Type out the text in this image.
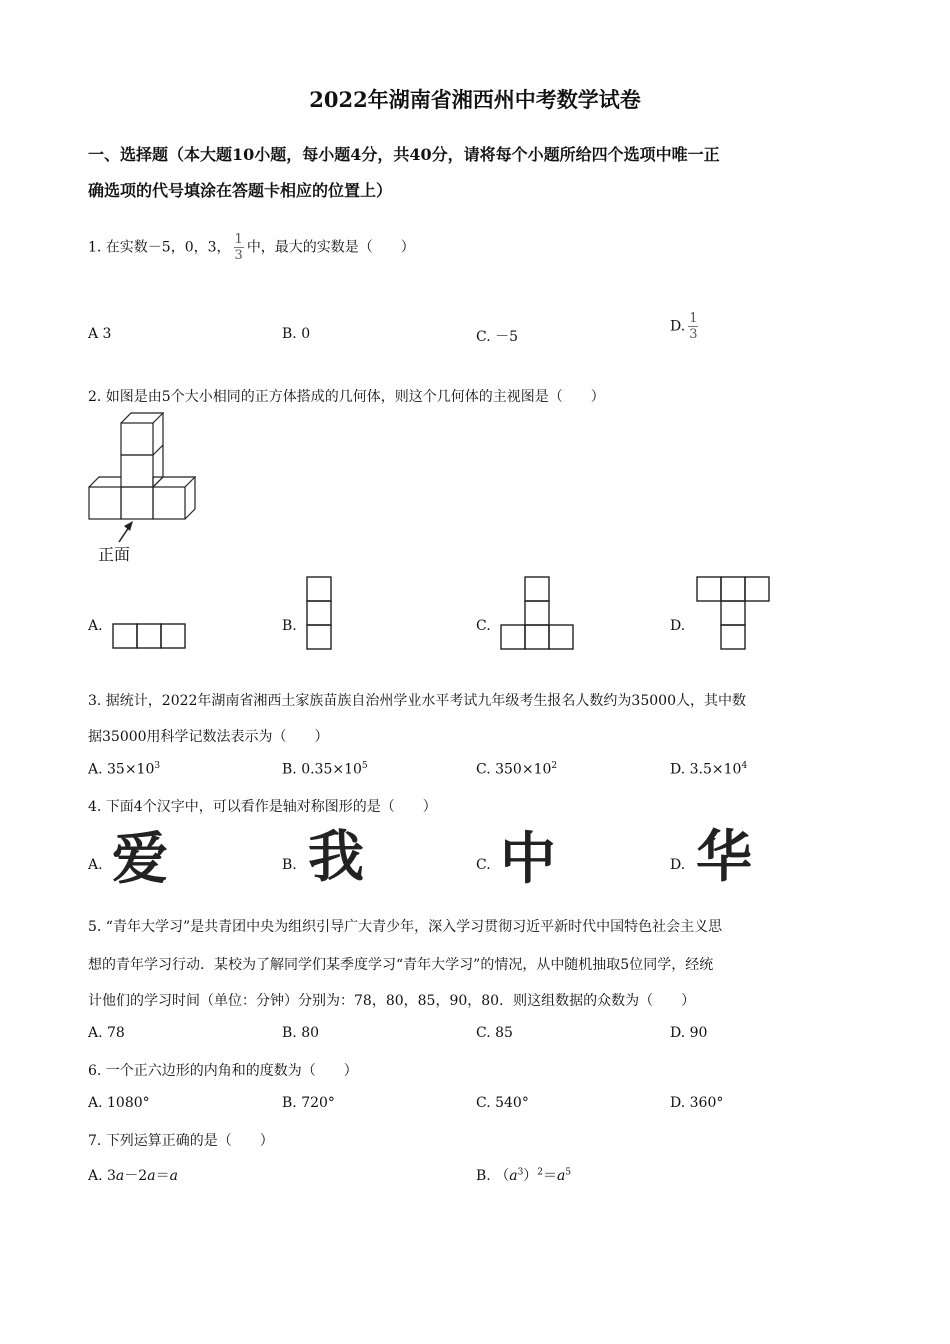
2022年湖南省湘西州中考数学试卷
一、选择题（本大题10小题，每小题4分，共40分，请将每个小题所给四个选项中唯一正
确选项的代号填涂在答题卡相应的位置上）
1. 在实数－5，0，3， $\frac{1}{3}$ 中，最大的实数是（　　）
A 3	B. 0	C. －5
D. $\frac{1}{3}$
2. 如图是由5个大小相同的正方体搭成的几何体，则这个几何体的主视图是（　　）
正面
A.	B.	C.	D.
3. 据统计，2022年湖南省湘西土家族苗族自治州学业水平考试九年级考生报名人数约为35000人，其中数
据35000用科学记数法表示为（　　）
A. $35\times 10^3$	B. $0.35\times 10^5$	C. $350\times 10^2$	D. $3.5\times 10^4$
4. 下面4个汉字中，可以看作是轴对称图形的是（　　）
A. 爱	B. 我	C. 中	D. 华
5. “青年大学习”是共青团中央为组织引导广大青少年，深入学习贯彻习近平新时代中国特色社会主义思
想的青年学习行动．某校为了解同学们某季度学习“青年大学习”的情况，从中随机抽取5位同学，经统
计他们的学习时间（单位：分钟）分别为：78，80，85，90，80．则这组数据的众数为（　　）
A. 78	B. 80	C. 85	D. 90
6. 一个正六边形的内角和的度数为（　　）
A. 1080°	B. 720°	C. 540°	D. 360°
7. 下列运算正确的是（　　）
A. 3a－2a＝a	B. $(a^3)^2=a^5$
